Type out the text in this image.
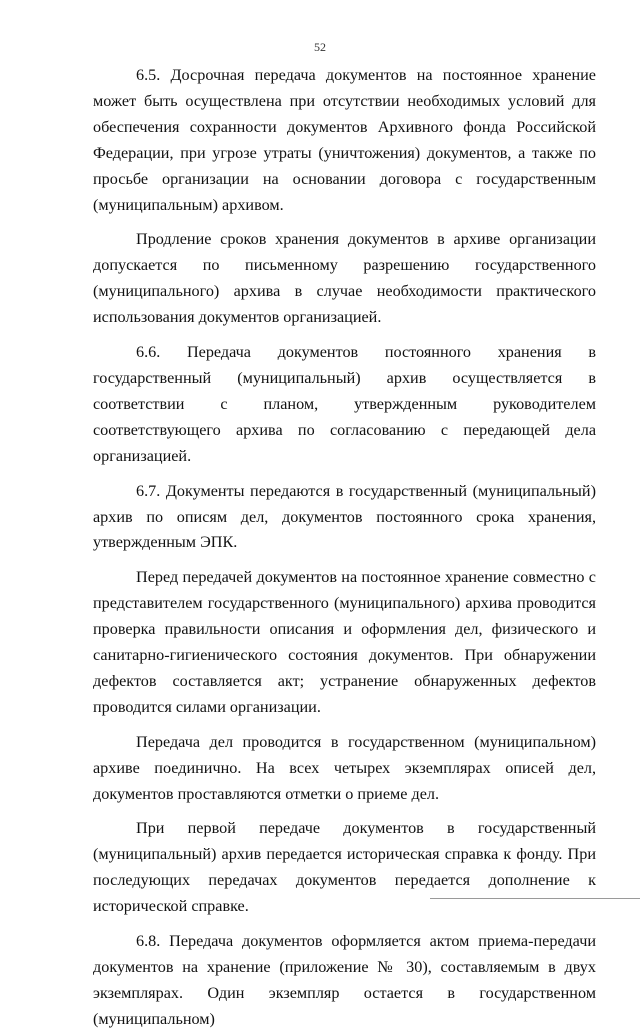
52

6.5. Досрочная передача документов на постоянное хранение может быть осуществлена при отсутствии необходимых условий для обеспечения сохранности документов Архивного фонда Российской Федерации, при угрозе утраты (уничтожения) документов, а также по просьбе организации на основании договора с государственным (муниципальным) архивом.

Продление сроков хранения документов в архиве организации допускается по письменному разрешению государственного (муниципального) архива в случае необходимости практического использования документов организацией.

6.6. Передача документов постоянного хранения в государственный (муниципальный) архив осуществляется в соответствии с планом, утвержденным руководителем соответствующего архива по согласованию с передающей дела организацией.

6.7. Документы передаются в государственный (муниципальный) архив по описям дел, документов постоянного срока хранения, утвержденным ЭПК.

Перед передачей документов на постоянное хранение совместно с представителем государственного (муниципального) архива проводится проверка правильности описания и оформления дел, физического и санитарно-гигиенического состояния документов. При обнаружении дефектов составляется акт; устранение обнаруженных дефектов проводится силами организации.

Передача дел проводится в государственном (муниципальном) архиве поединично. На всех четырех экземплярах описей дел, документов проставляются отметки о приеме дел.

При первой передаче документов в государственный (муниципальный) архив передается историческая справка к фонду. При последующих передачах документов передается дополнение к исторической справке.

6.8. Передача документов оформляется актом приема-передачи документов на хранение (приложение № 30), составляемым в двух экземплярах. Один экземпляр остается в государственном (муниципальном)
